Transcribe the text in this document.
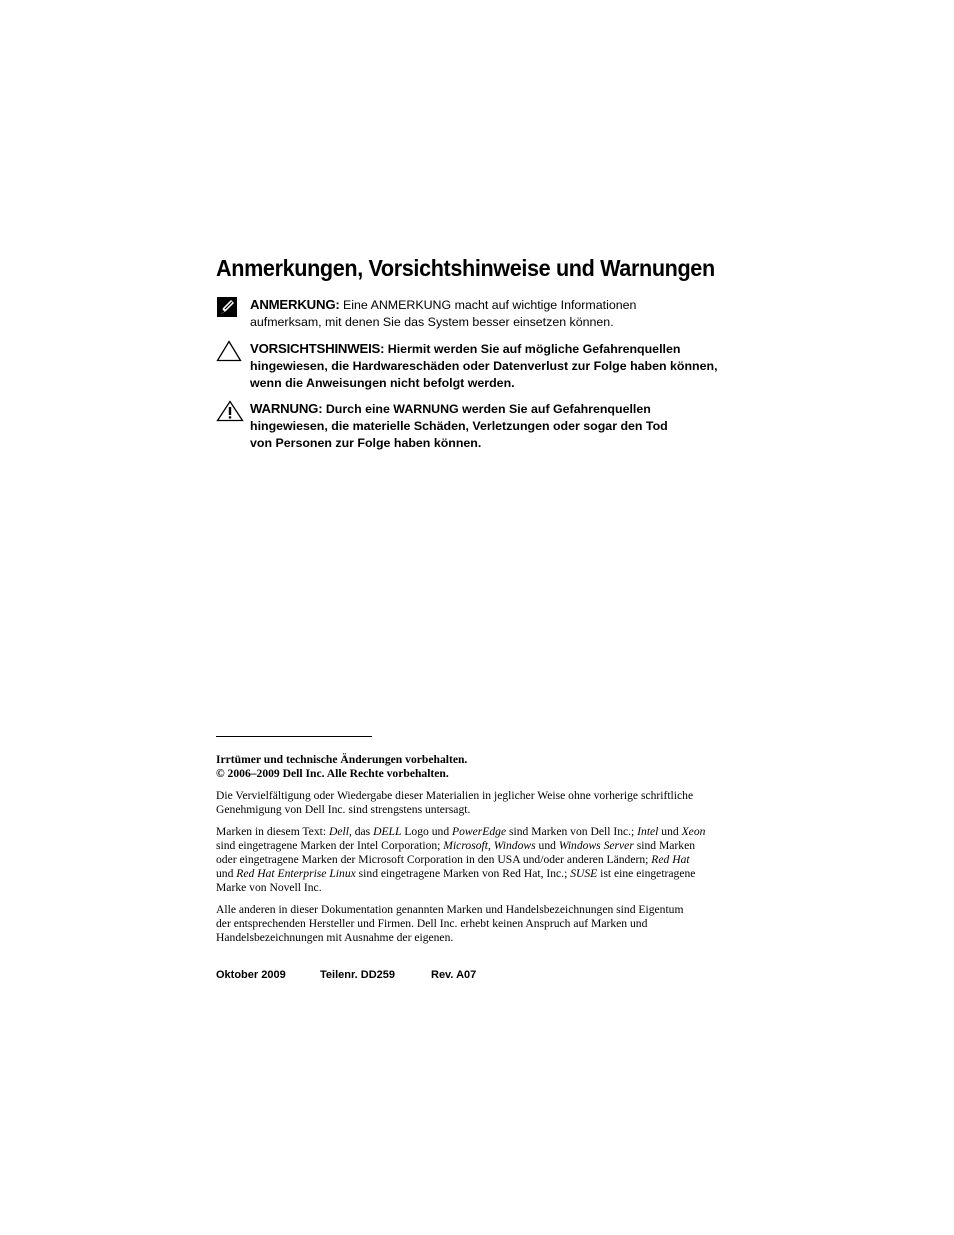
Anmerkungen, Vorsichtshinweise und Warnungen
ANMERKUNG: Eine ANMERKUNG macht auf wichtige Informationen
aufmerksam, mit denen Sie das System besser einsetzen können.
VORSICHTSHINWEIS: Hiermit werden Sie auf mögliche Gefahrenquellen
hingewiesen, die Hardwareschäden oder Datenverlust zur Folge haben können,
wenn die Anweisungen nicht befolgt werden.
WARNUNG: Durch eine WARNUNG werden Sie auf Gefahrenquellen
hingewiesen, die materielle Schäden, Verletzungen oder sogar den Tod
von Personen zur Folge haben können.
Irrtümer und technische Änderungen vorbehalten.
© 2006–2009 Dell Inc. Alle Rechte vorbehalten.
Die Vervielfältigung oder Wiedergabe dieser Materialien in jeglicher Weise ohne vorherige schriftliche
Genehmigung von Dell Inc. sind strengstens untersagt.
Marken in diesem Text: Dell, das DELL Logo und PowerEdge sind Marken von Dell Inc.; Intel und Xeon
sind eingetragene Marken der Intel Corporation; Microsoft, Windows und Windows Server sind Marken
oder eingetragene Marken der Microsoft Corporation in den USA und/oder anderen Ländern; Red Hat
und Red Hat Enterprise Linux sind eingetragene Marken von Red Hat, Inc.; SUSE ist eine eingetragene
Marke von Novell Inc.
Alle anderen in dieser Dokumentation genannten Marken und Handelsbezeichnungen sind Eigentum
der entsprechenden Hersteller und Firmen. Dell Inc. erhebt keinen Anspruch auf Marken und
Handelsbezeichnungen mit Ausnahme der eigenen.
Oktober 2009	Teilenr. DD259	Rev. A07
